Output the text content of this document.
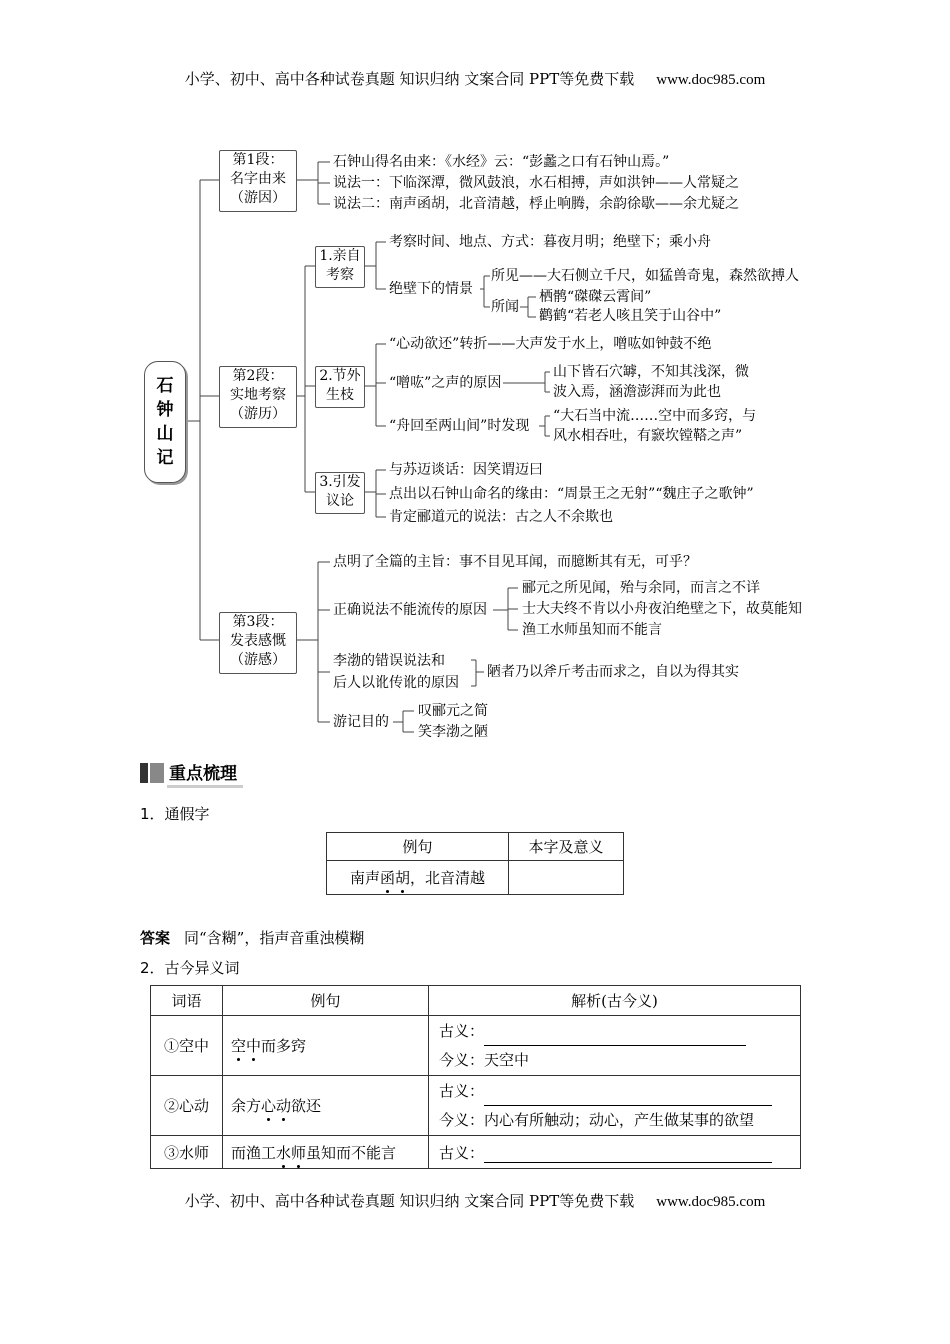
小学、初中、高中各种试卷真题 知识归纳 文案合同 PPT等免费下载 www.doc985.com
小学、初中、高中各种试卷真题 知识归纳 文案合同 PPT等免费下载 www.doc985.com
石
钟
山
记
第1段：
名字由来
（游因）
第2段：
实地考察
（游历）
第3段：
发表感慨
（游感）
石钟山得名由来：《水经》云：“彭蠡之口有石钟山焉。”
说法一：下临深潭，微风鼓浪，水石相搏，声如洪钟——人常疑之
说法二：南声函胡，北音清越，桴止响腾，余韵徐歇——余尤疑之
1.亲自
考察
2.节外
生枝
3.引发
议论
考察时间、地点、方式：暮夜月明；绝壁下；乘小舟
绝壁下的情景
所见——大石侧立千尺，如猛兽奇鬼，森然欲搏人
所闻
栖鹘“磔磔云霄间”
鹳鹤“若老人咳且笑于山谷中”
“心动欲还”转折——大声发于水上，噌吰如钟鼓不绝
“噌吰”之声的原因
山下皆石穴罅，不知其浅深，微
波入焉，涵澹澎湃而为此也
“舟回至两山间”时发现
“大石当中流……空中而多窍，与
风水相吞吐，有窾坎镗鞳之声”
与苏迈谈话：因笑谓迈曰
点出以石钟山命名的缘由：“周景王之无射”“魏庄子之歌钟”
肯定郦道元的说法：古之人不余欺也
点明了全篇的主旨：事不目见耳闻，而臆断其有无，可乎？
正确说法不能流传的原因
郦元之所见闻，殆与余同，而言之不详
士大夫终不肯以小舟夜泊绝壁之下，故莫能知
渔工水师虽知而不能言
李渤的错误说法和
后人以讹传讹的原因
陋者乃以斧斤考击而求之，自以为得其实
游记目的
叹郦元之简
笑李渤之陋
重点梳理
1．通假字
例句	本字及意义
南声函胡，北音清越	
答案 同“含糊”，指声音重浊模糊
2．古今异义词
词语	例句	解析(古今义)
①空中	空中而多窍	古义：
今义：天空中

②心动	余方心动欲还	古义：
今义：内心有所触动；动心，产生做某事的欲望

③水师	而渔工水师虽知而不能言	古义：
